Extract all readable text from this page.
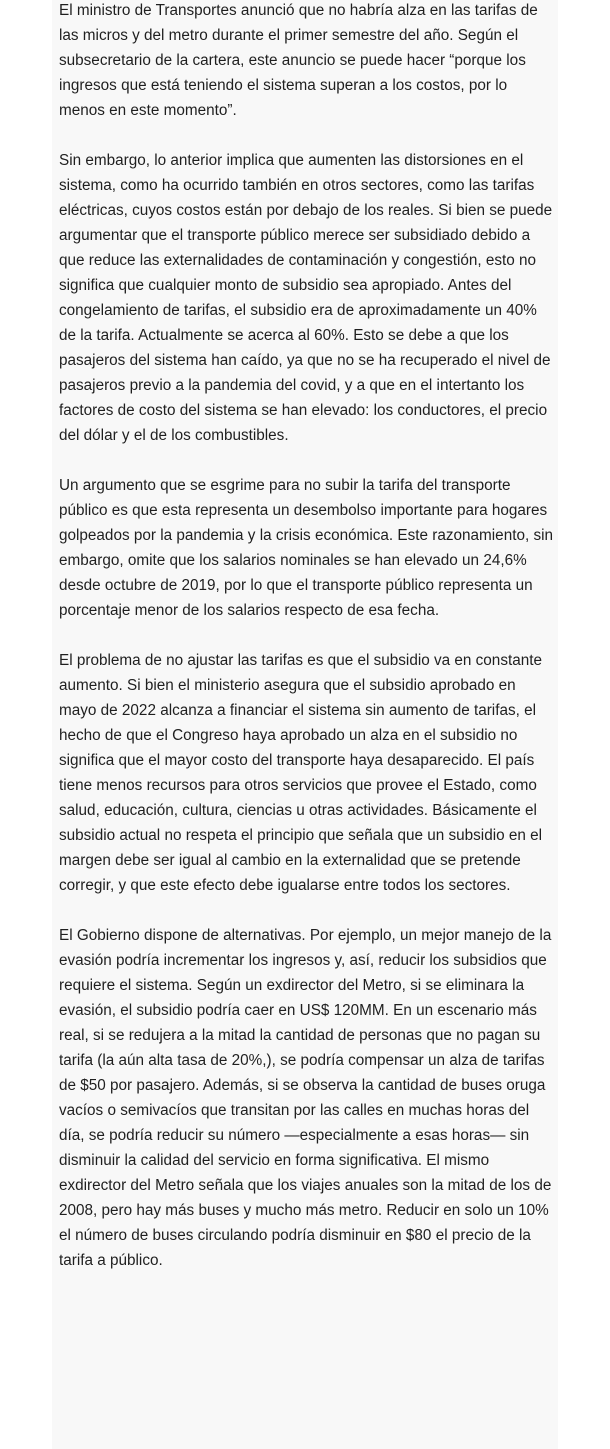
El ministro de Transportes anunció que no habría alza en las tarifas de las micros y del metro durante el primer semestre del año. Según el subsecretario de la cartera, este anuncio se puede hacer “porque los ingresos que está teniendo el sistema superan a los costos, por lo menos en este momento”.

Sin embargo, lo anterior implica que aumenten las distorsiones en el sistema, como ha ocurrido también en otros sectores, como las tarifas eléctricas, cuyos costos están por debajo de los reales. Si bien se puede argumentar que el transporte público merece ser subsidiado debido a que reduce las externalidades de contaminación y congestión, esto no significa que cualquier monto de subsidio sea apropiado. Antes del congelamiento de tarifas, el subsidio era de aproximadamente un 40% de la tarifa. Actualmente se acerca al 60%. Esto se debe a que los pasajeros del sistema han caído, ya que no se ha recuperado el nivel de pasajeros previo a la pandemia del covid, y a que en el intertanto los factores de costo del sistema se han elevado: los conductores, el precio del dólar y el de los combustibles.

Un argumento que se esgrime para no subir la tarifa del transporte público es que esta representa un desembolso importante para hogares golpeados por la pandemia y la crisis económica. Este razonamiento, sin embargo, omite que los salarios nominales se han elevado un 24,6% desde octubre de 2019, por lo que el transporte público representa un porcentaje menor de los salarios respecto de esa fecha.

El problema de no ajustar las tarifas es que el subsidio va en constante aumento. Si bien el ministerio asegura que el subsidio aprobado en mayo de 2022 alcanza a financiar el sistema sin aumento de tarifas, el hecho de que el Congreso haya aprobado un alza en el subsidio no significa que el mayor costo del transporte haya desaparecido. El país tiene menos recursos para otros servicios que provee el Estado, como salud, educación, cultura, ciencias u otras actividades. Básicamente el subsidio actual no respeta el principio que señala que un subsidio en el margen debe ser igual al cambio en la externalidad que se pretende corregir, y que este efecto debe igualarse entre todos los sectores.

El Gobierno dispone de alternativas. Por ejemplo, un mejor manejo de la evasión podría incrementar los ingresos y, así, reducir los subsidios que requiere el sistema. Según un exdirector del Metro, si se eliminara la evasión, el subsidio podría caer en US$ 120MM. En un escenario más real, si se redujera a la mitad la cantidad de personas que no pagan su tarifa (la aún alta tasa de 20%,), se podría compensar un alza de tarifas de $50 por pasajero. Además, si se observa la cantidad de buses oruga vacíos o semivacíos que transitan por las calles en muchas horas del día, se podría reducir su número —especialmente a esas horas— sin disminuir la calidad del servicio en forma significativa. El mismo exdirector del Metro señala que los viajes anuales son la mitad de los de 2008, pero hay más buses y mucho más metro. Reducir en solo un 10% el número de buses circulando podría disminuir en $80 el precio de la tarifa a público.
